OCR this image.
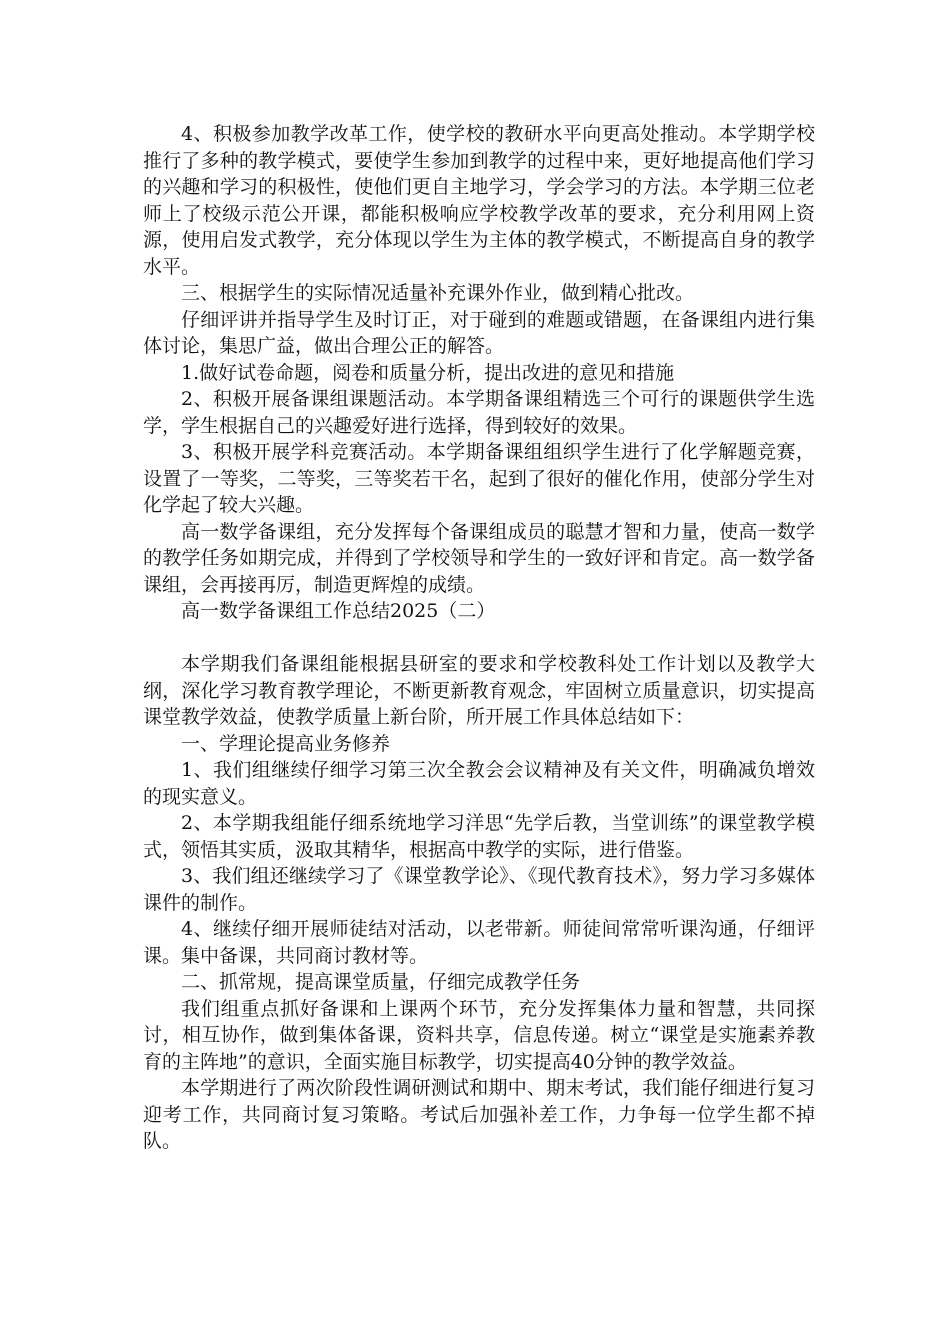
4、积极参加教学改革工作，使学校的教研水平向更高处推动。本学期学校推行了多种的教学模式，要使学生参加到教学的过程中来，更好地提高他们学习的兴趣和学习的积极性，使他们更自主地学习，学会学习的方法。本学期三位老师上了校级示范公开课，都能积极响应学校教学改革的要求，充分利用网上资源，使用启发式教学，充分体现以学生为主体的教学模式，不断提高自身的教学水平。

三、根据学生的实际情况适量补充课外作业，做到精心批改。

仔细评讲并指导学生及时订正，对于碰到的难题或错题，在备课组内进行集体讨论，集思广益，做出合理公正的解答。

1.做好试卷命题，阅卷和质量分析，提出改进的意见和措施

2、积极开展备课组课题活动。本学期备课组精选三个可行的课题供学生选学，学生根据自己的兴趣爱好进行选择，得到较好的效果。

3、积极开展学科竞赛活动。本学期备课组组织学生进行了化学解题竞赛，设置了一等奖，二等奖，三等奖若干名，起到了很好的催化作用，使部分学生对化学起了较大兴趣。

高一数学备课组，充分发挥每个备课组成员的聪慧才智和力量，使高一数学的教学任务如期完成，并得到了学校领导和学生的一致好评和肯定。高一数学备课组，会再接再厉，制造更辉煌的成绩。

高一数学备课组工作总结2025（二）

本学期我们备课组能根据县研室的要求和学校教科处工作计划以及教学大纲，深化学习教育教学理论，不断更新教育观念，牢固树立质量意识，切实提高课堂教学效益，使教学质量上新台阶，所开展工作具体总结如下：

一、学理论提高业务修养

1、我们组继续仔细学习第三次全教会会议精神及有关文件，明确减负增效的现实意义。

2、本学期我组能仔细系统地学习洋思“先学后教，当堂训练”的课堂教学模式，领悟其实质，汲取其精华，根据高中教学的实际，进行借鉴。

3、我们组还继续学习了《课堂教学论》、《现代教育技术》，努力学习多媒体课件的制作。

4、继续仔细开展师徒结对活动，以老带新。师徒间常常听课沟通，仔细评课。集中备课，共同商讨教材等。

二、抓常规，提高课堂质量，仔细完成教学任务

我们组重点抓好备课和上课两个环节，充分发挥集体力量和智慧，共同探讨，相互协作，做到集体备课，资料共享，信息传递。树立“课堂是实施素养教育的主阵地”的意识，全面实施目标教学，切实提高40分钟的教学效益。

本学期进行了两次阶段性调研测试和期中、期末考试，我们能仔细进行复习迎考工作，共同商讨复习策略。考试后加强补差工作，力争每一位学生都不掉队。
